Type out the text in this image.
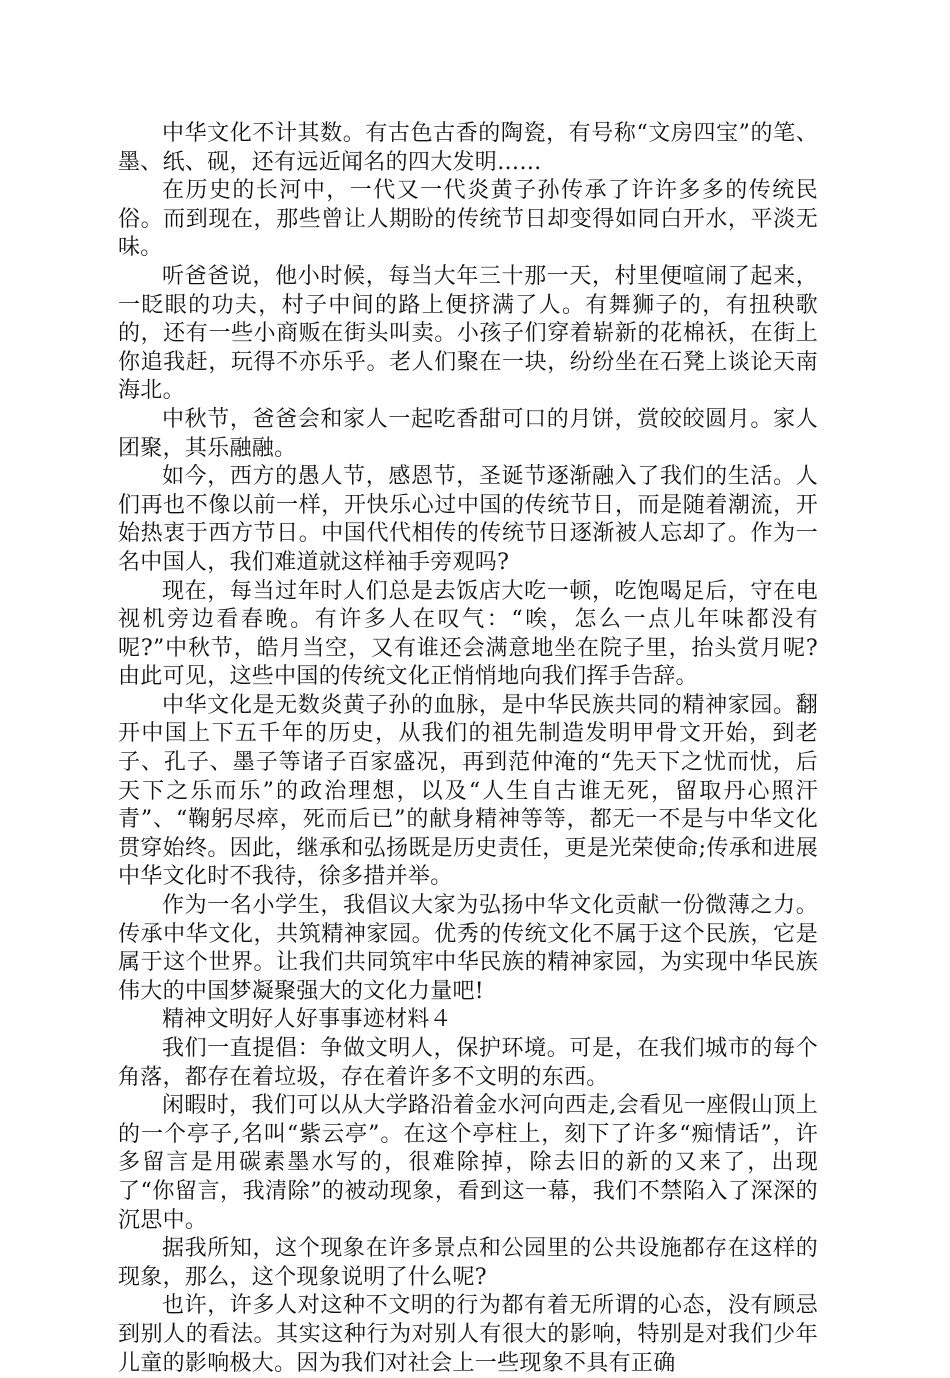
中华文化不计其数。有古色古香的陶瓷，有号称“文房四宝”的笔、墨、纸、砚，还有远近闻名的四大发明……

在历史的长河中，一代又一代炎黄子孙传承了许许多多的传统民俗。而到现在，那些曾让人期盼的传统节日却变得如同白开水，平淡无味。

听爸爸说，他小时候，每当大年三十那一天，村里便喧闹了起来，一眨眼的功夫，村子中间的路上便挤满了人。有舞狮子的，有扭秧歌的，还有一些小商贩在街头叫卖。小孩子们穿着崭新的花棉袄，在街上你追我赶，玩得不亦乐乎。老人们聚在一块，纷纷坐在石凳上谈论天南海北。

中秋节，爸爸会和家人一起吃香甜可口的月饼，赏皎皎圆月。家人团聚，其乐融融。

如今，西方的愚人节，感恩节，圣诞节逐渐融入了我们的生活。人们再也不像以前一样，开快乐心过中国的传统节日，而是随着潮流，开始热衷于西方节日。中国代代相传的传统节日逐渐被人忘却了。作为一名中国人，我们难道就这样袖手旁观吗?

现在，每当过年时人们总是去饭店大吃一顿，吃饱喝足后，守在电视机旁边看春晚。有许多人在叹气：“唉，怎么一点儿年味都没有呢?”中秋节，皓月当空，又有谁还会满意地坐在院子里，抬头赏月呢?由此可见，这些中国的传统文化正悄悄地向我们挥手告辞。

中华文化是无数炎黄子孙的血脉，是中华民族共同的精神家园。翻开中国上下五千年的历史，从我们的祖先制造发明甲骨文开始，到老子、孔子、墨子等诸子百家盛况，再到范仲淹的“先天下之忧而忧，后天下之乐而乐”的政治理想，以及“人生自古谁无死，留取丹心照汗青”、“鞠躬尽瘁，死而后已”的献身精神等等，都无一不是与中华文化贯穿始终。因此，继承和弘扬既是历史责任，更是光荣使命;传承和进展中华文化时不我待，徐多措并举。

作为一名小学生，我倡议大家为弘扬中华文化贡献一份微薄之力。传承中华文化，共筑精神家园。优秀的传统文化不属于这个民族，它是属于这个世界。让我们共同筑牢中华民族的精神家园，为实现中华民族伟大的中国梦凝聚强大的文化力量吧!

精神文明好人好事事迹材料４

我们一直提倡：争做文明人，保护环境。可是，在我们城市的每个角落，都存在着垃圾，存在着许多不文明的东西。

闲暇时，我们可以从大学路沿着金水河向西走,会看见一座假山顶上的一个亭子,名叫“紫云亭”。在这个亭柱上，刻下了许多“痴情话”，许多留言是用碳素墨水写的，很难除掉，除去旧的新的又来了，出现了“你留言，我清除”的被动现象，看到这一幕，我们不禁陷入了深深的沉思中。

据我所知，这个现象在许多景点和公园里的公共设施都存在这样的现象，那么，这个现象说明了什么呢?

也许，许多人对这种不文明的行为都有着无所谓的心态，没有顾忌到别人的看法。其实这种行为对别人有很大的影响，特别是对我们少年儿童的影响极大。因为我们对社会上一些现象不具有正确
